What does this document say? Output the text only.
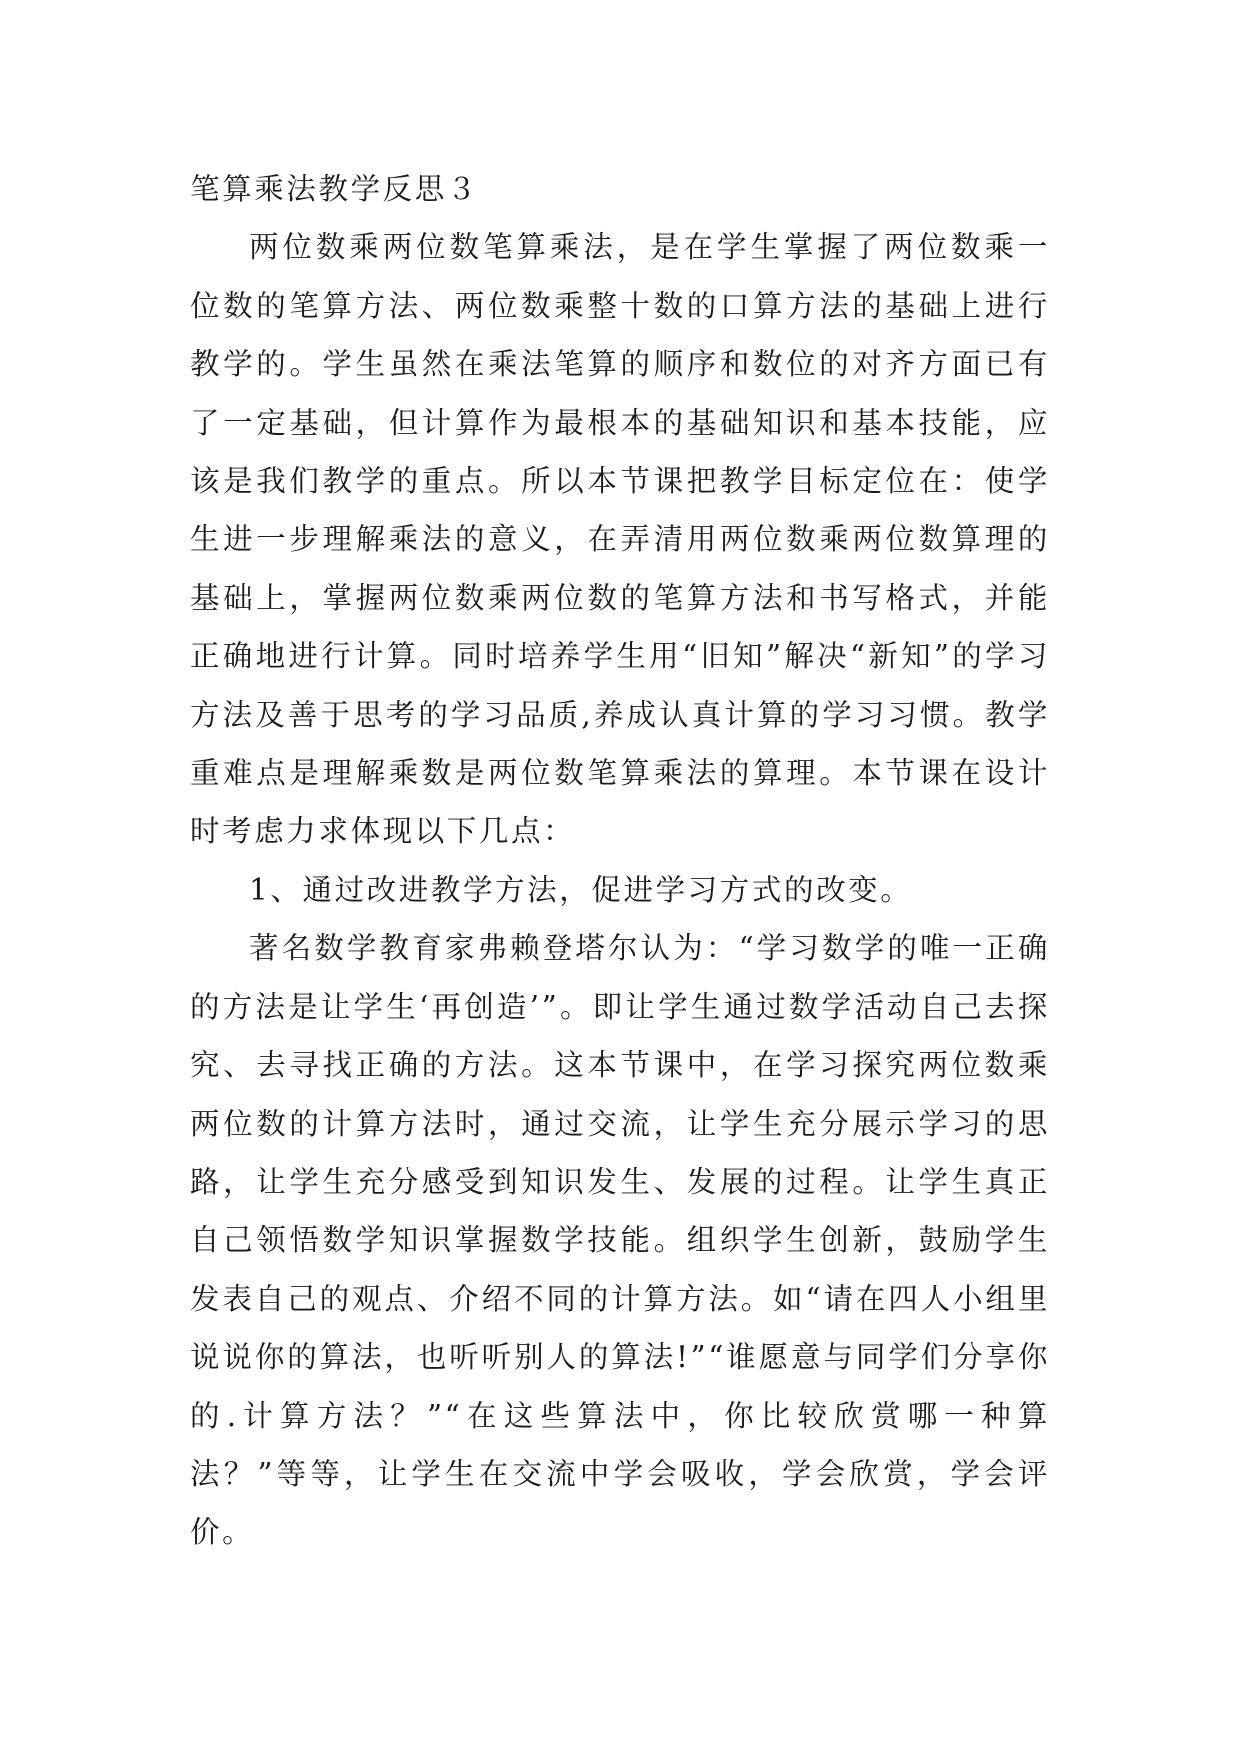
笔算乘法教学反思３

两位数乘两位数笔算乘法，是在学生掌握了两位数乘一位数的笔算方法、两位数乘整十数的口算方法的基础上进行教学的。学生虽然在乘法笔算的顺序和数位的对齐方面已有了一定基础，但计算作为最根本的基础知识和基本技能，应该是我们教学的重点。所以本节课把教学目标定位在：使学生进一步理解乘法的意义，在弄清用两位数乘两位数算理的基础上，掌握两位数乘两位数的笔算方法和书写格式，并能正确地进行计算。同时培养学生用“旧知”解决“新知”的学习方法及善于思考的学习品质,养成认真计算的学习习惯。教学重难点是理解乘数是两位数笔算乘法的算理。本节课在设计时考虑力求体现以下几点：

1、通过改进教学方法，促进学习方式的改变。

著名数学教育家弗赖登塔尔认为：“学习数学的唯一正确的方法是让学生‘再创造’”。即让学生通过数学活动自己去探究、去寻找正确的方法。这本节课中，在学习探究两位数乘两位数的计算方法时，通过交流，让学生充分展示学习的思路，让学生充分感受到知识发生、发展的过程。让学生真正自己领悟数学知识掌握数学技能。组织学生创新，鼓励学生发表自己的观点、介绍不同的计算方法。如“请在四人小组里说说你的算法，也听听别人的算法!”“谁愿意与同学们分享你的.计算方法？”“在这些算法中，你比较欣赏哪一种算法？”等等，让学生在交流中学会吸收，学会欣赏，学会评价。
